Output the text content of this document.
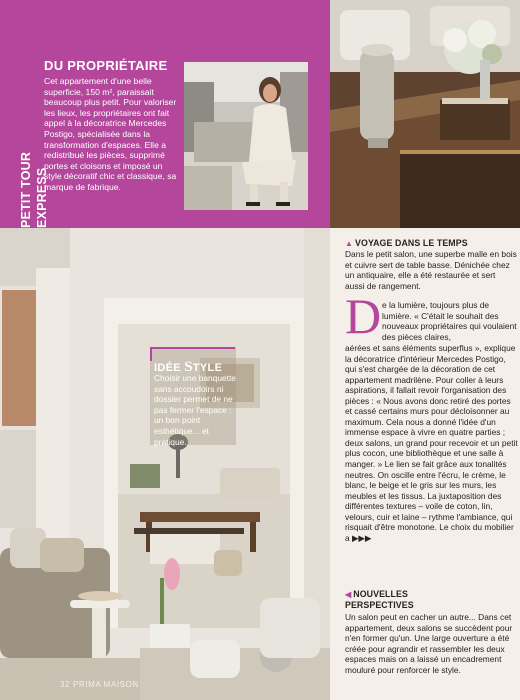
PETIT TOUR EXPRESS
DU PROPRIÉTAIRE
Cet appartement d'une belle superficie, 150 m², paraissait beaucoup plus petit. Pour valoriser les lieux, les propriétaires ont fait appel à la décoratrice Mercedes Postigo, spécialisée dans la transformation d'espaces. Elle a redistribué les pièces, supprimé portes et cloisons et imposé un style décoratif chic et classique, sa marque de fabrique.
IDÉE STYLE
Choisir une banquette sans accoudoirs ni dossier permet de ne pas fermer l'espace : un bon point esthétique... et pratique.
▲ VOYAGE DANS LE TEMPS
Dans le petit salon, une superbe malle en bois et cuivre sert de table basse. Dénichée chez un antiquaire, elle a été restaurée et sert aussi de rangement.
D e la lumière, toujours plus de lumière. « C'était le souhait des nouveaux propriétaires qui voulaient des pièces claires,
aérées et sans éléments superflus », explique la décoratrice d'intérieur Mercedes Postigo, qui s'est chargée de la décoration de cet appartement madrilène. Pour coller à leurs aspirations, il fallait revoir l'organisation des pièces : « Nous avons donc retiré des portes et cassé certains murs pour décloisonner au maximum. Cela nous a donné l'idée d'un immense espace à vivre en quatre parties ; deux salons, un grand pour recevoir et un petit plus cocon, une bibliothèque et une salle à manger. » Le lien se fait grâce aux tonalités neutres. On oscille entre l'écru, le crème, le blanc, le beige et le gris sur les murs, les meubles et les tissus. La juxtaposition des différentes textures – voile de coton, lin, velours, cuir et laine – rythme l'ambiance, qui risquait d'être monotone. Le choix du mobilier a ▶▶▶
◀ NOUVELLES
PERSPECTIVES
Un salon peut en cacher un autre... Dans cet appartement, deux salons se succèdent pour n'en former qu'un. Une large ouverture a été créée pour agrandir et rassembler les deux espaces mais on a laissé un encadrement mouluré pour renforcer le style.
32 PRIMA MAISON
